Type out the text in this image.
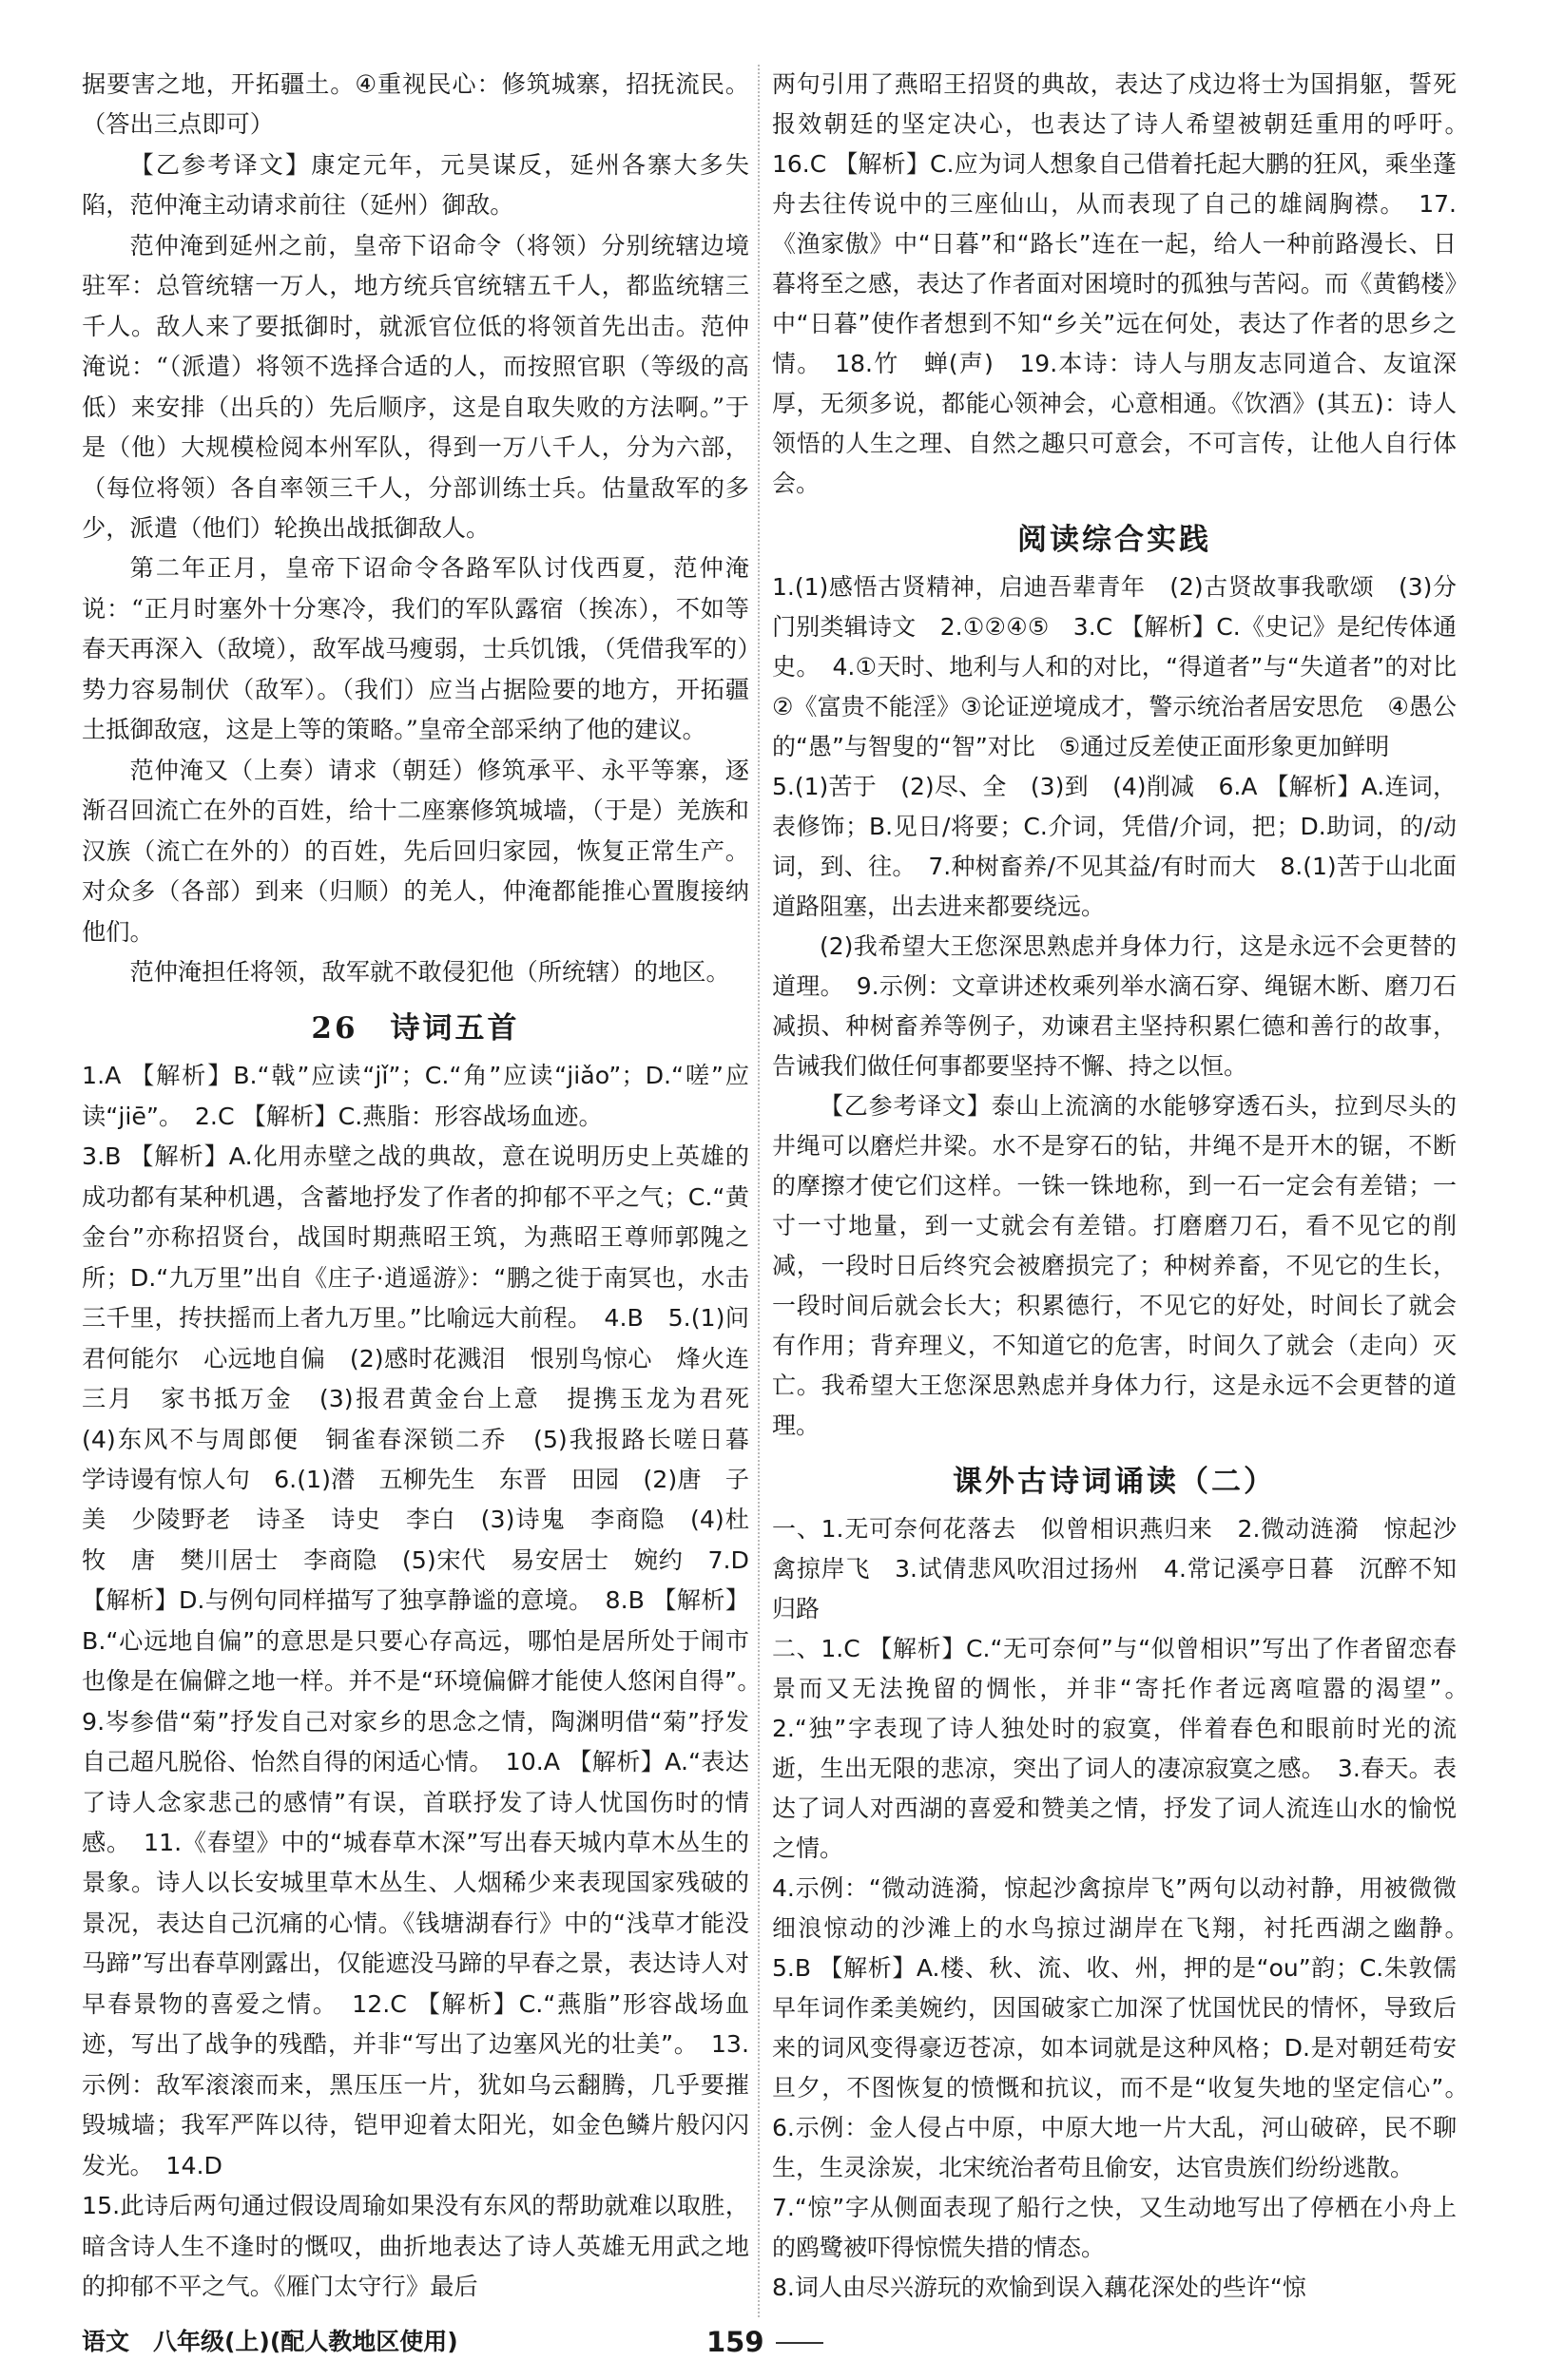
据要害之地，开拓疆土。④重视民心：修筑城寨，招抚流民。（答出三点即可）

【乙参考译文】康定元年，元昊谋反，延州各寨大多失陷，范仲淹主动请求前往（延州）御敌。

范仲淹到延州之前，皇帝下诏命令（将领）分别统辖边境驻军：总管统辖一万人，地方统兵官统辖五千人，都监统辖三千人。敌人来了要抵御时，就派官位低的将领首先出击。范仲淹说：“（派遣）将领不选择合适的人，而按照官职（等级的高低）来安排（出兵的）先后顺序，这是自取失败的方法啊。”于是（他）大规模检阅本州军队，得到一万八千人，分为六部，（每位将领）各自率领三千人，分部训练士兵。估量敌军的多少，派遣（他们）轮换出战抵御敌人。

第二年正月，皇帝下诏命令各路军队讨伐西夏，范仲淹说：“正月时塞外十分寒冷，我们的军队露宿（挨冻），不如等春天再深入（敌境），敌军战马瘦弱，士兵饥饿，（凭借我军的）势力容易制伏（敌军）。（我们）应当占据险要的地方，开拓疆土抵御敌寇，这是上等的策略。”皇帝全部采纳了他的建议。

范仲淹又（上奏）请求（朝廷）修筑承平、永平等寨，逐渐召回流亡在外的百姓，给十二座寨修筑城墙，（于是）羌族和汉族（流亡在外的）的百姓，先后回归家园，恢复正常生产。对众多（各部）到来（归顺）的羌人，仲淹都能推心置腹接纳他们。

范仲淹担任将领，敌军就不敢侵犯他（所统辖）的地区。

26　诗词五首

1.A 【解析】B.“戟”应读“jǐ”；C.“角”应读“jiǎo”；D.“嗟”应读“jiē”。　2.C 【解析】C.燕脂：形容战场血迹。

3.B 【解析】A.化用赤壁之战的典故，意在说明历史上英雄的成功都有某种机遇，含蓄地抒发了作者的抑郁不平之气；C.“黄金台”亦称招贤台，战国时期燕昭王筑，为燕昭王尊师郭隗之所；D.“九万里”出自《庄子·逍遥游》：“鹏之徙于南冥也，水击三千里，抟扶摇而上者九万里。”比喻远大前程。　4.B　5.(1)问君何能尔　心远地自偏　(2)感时花溅泪　恨别鸟惊心　烽火连三月　家书抵万金　(3)报君黄金台上意　提携玉龙为君死　(4)东风不与周郎便　铜雀春深锁二乔　(5)我报路长嗟日暮　学诗谩有惊人句　6.(1)潜　五柳先生　东晋　田园　(2)唐　子美　少陵野老　诗圣　诗史　李白　(3)诗鬼　李商隐　(4)杜牧　唐　樊川居士　李商隐　(5)宋代　易安居士　婉约　7.D 【解析】D.与例句同样描写了独享静谧的意境。　8.B 【解析】B.“心远地自偏”的意思是只要心存高远，哪怕是居所处于闹市也像是在偏僻之地一样。并不是“环境偏僻才能使人悠闲自得”。　9.岑参借“菊”抒发自己对家乡的思念之情，陶渊明借“菊”抒发自己超凡脱俗、怡然自得的闲适心情。　10.A 【解析】A.“表达了诗人念家悲己的感情”有误，首联抒发了诗人忧国伤时的情感。　11.《春望》中的“城春草木深”写出春天城内草木丛生的景象。诗人以长安城里草木丛生、人烟稀少来表现国家残破的景况，表达自己沉痛的心情。《钱塘湖春行》中的“浅草才能没马蹄”写出春草刚露出，仅能遮没马蹄的早春之景，表达诗人对早春景物的喜爱之情。　12.C 【解析】C.“燕脂”形容战场血迹，写出了战争的残酷，并非“写出了边塞风光的壮美”。　13.示例：敌军滚滚而来，黑压压一片，犹如乌云翻腾，几乎要摧毁城墙；我军严阵以待，铠甲迎着太阳光，如金色鳞片般闪闪发光。　14.D

15.此诗后两句通过假设周瑜如果没有东风的帮助就难以取胜，暗含诗人生不逢时的慨叹，曲折地表达了诗人英雄无用武之地的抑郁不平之气。《雁门太守行》最后

两句引用了燕昭王招贤的典故，表达了戍边将士为国捐躯，誓死报效朝廷的坚定决心，也表达了诗人希望被朝廷重用的呼吁。　16.C 【解析】C.应为词人想象自己借着托起大鹏的狂风，乘坐蓬舟去往传说中的三座仙山，从而表现了自己的雄阔胸襟。　17.《渔家傲》中“日暮”和“路长”连在一起，给人一种前路漫长、日暮将至之感，表达了作者面对困境时的孤独与苦闷。而《黄鹤楼》中“日暮”使作者想到不知“乡关”远在何处，表达了作者的思乡之情。　18.竹　蝉(声)　19.本诗：诗人与朋友志同道合、友谊深厚，无须多说，都能心领神会，心意相通。《饮酒》(其五)：诗人领悟的人生之理、自然之趣只可意会，不可言传，让他人自行体会。

阅读综合实践

1.(1)感悟古贤精神，启迪吾辈青年　(2)古贤故事我歌颂　(3)分门别类辑诗文　2.①②④⑤　3.C 【解析】C.《史记》是纪传体通史。　4.①天时、地利与人和的对比，“得道者”与“失道者”的对比　②《富贵不能淫》③论证逆境成才，警示统治者居安思危　④愚公的“愚”与智叟的“智”对比　⑤通过反差使正面形象更加鲜明

5.(1)苦于　(2)尽、全　(3)到　(4)削减　6.A 【解析】A.连词，表修饰；B.见日/将要；C.介词，凭借/介词，把；D.助词，的/动词，到、往。　7.种树畜养/不见其益/有时而大　8.(1)苦于山北面道路阻塞，出去进来都要绕远。

(2)我希望大王您深思熟虑并身体力行，这是永远不会更替的道理。　9.示例：文章讲述枚乘列举水滴石穿、绳锯木断、磨刀石减损、种树畜养等例子，劝谏君主坚持积累仁德和善行的故事，告诫我们做任何事都要坚持不懈、持之以恒。

【乙参考译文】泰山上流滴的水能够穿透石头，拉到尽头的井绳可以磨烂井梁。水不是穿石的钻，井绳不是开木的锯，不断的摩擦才使它们这样。一铢一铢地称，到一石一定会有差错；一寸一寸地量，到一丈就会有差错。打磨磨刀石，看不见它的削减，一段时日后终究会被磨损完了；种树养畜，不见它的生长，一段时间后就会长大；积累德行，不见它的好处，时间长了就会有作用；背弃理义，不知道它的危害，时间久了就会（走向）灭亡。我希望大王您深思熟虑并身体力行，这是永远不会更替的道理。

课外古诗词诵读（二）

一、1.无可奈何花落去　似曾相识燕归来　2.微动涟漪　惊起沙禽掠岸飞　3.试倩悲风吹泪过扬州　4.常记溪亭日暮　沉醉不知归路

二、1.C 【解析】C.“无可奈何”与“似曾相识”写出了作者留恋春景而又无法挽留的惆怅，并非“寄托作者远离喧嚣的渴望”。　2.“独”字表现了诗人独处时的寂寞，伴着春色和眼前时光的流逝，生出无限的悲凉，突出了词人的凄凉寂寞之感。　3.春天。表达了词人对西湖的喜爱和赞美之情，抒发了词人流连山水的愉悦之情。

4.示例：“微动涟漪，惊起沙禽掠岸飞”两句以动衬静，用被微微细浪惊动的沙滩上的水鸟掠过湖岸在飞翔，衬托西湖之幽静。　5.B 【解析】A.楼、秋、流、收、州，押的是“ou”韵；C.朱敦儒早年词作柔美婉约，因国破家亡加深了忧国忧民的情怀，导致后来的词风变得豪迈苍凉，如本词就是这种风格；D.是对朝廷苟安旦夕，不图恢复的愤慨和抗议，而不是“收复失地的坚定信心”。　6.示例：金人侵占中原，中原大地一片大乱，河山破碎，民不聊生，生灵涂炭，北宋统治者苟且偷安，达官贵族们纷纷逃散。

7.“惊”字从侧面表现了船行之快，又生动地写出了停栖在小舟上的鸥鹭被吓得惊慌失措的情态。

8.词人由尽兴游玩的欢愉到误入藕花深处的些许“惊

语文　八年级(上)(配人教地区使用)	159
